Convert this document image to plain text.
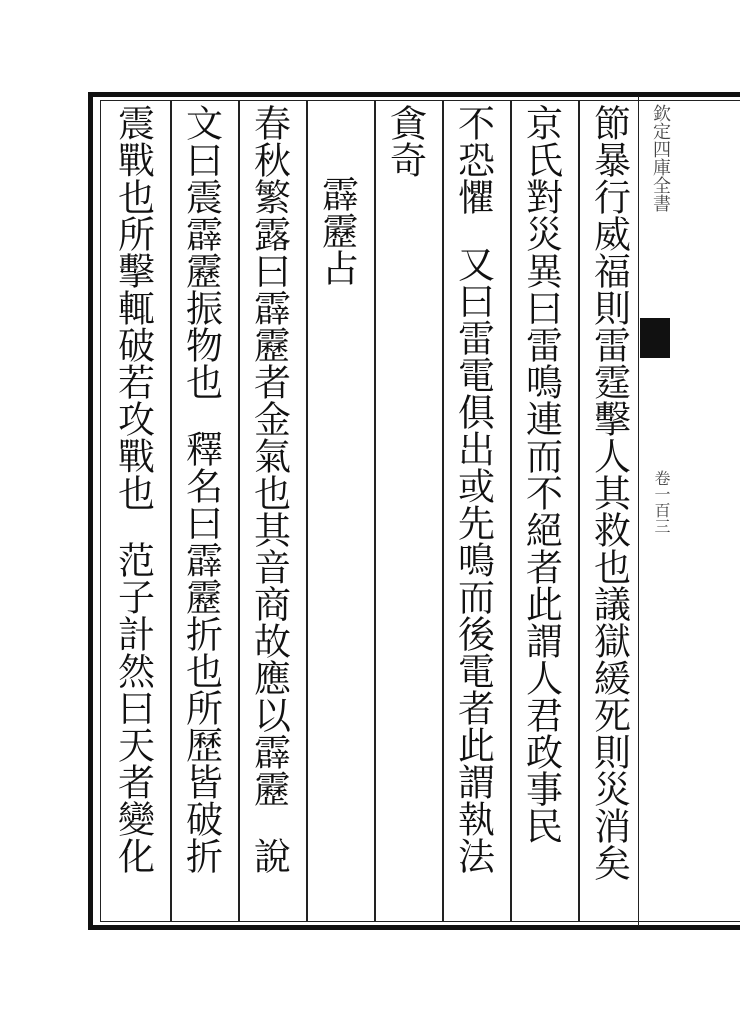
欽定四庫全書
卷一百三
節暴行威福則雷霆擊人其救也議獄緩死則災消矣
京氏對災異曰雷鳴連而不絕者此謂人君政事民
不恐懼
又曰雷電俱出或先鳴而後電者此謂執法
貪奇
霹靂占
春秋繁露曰霹靂者金氣也其音商故應以霹靂
說
文曰震霹靂振物也
釋名曰霹靂折也所歷皆破折
震戰也所擊輒破若攻戰也
范子計然曰天者變化
